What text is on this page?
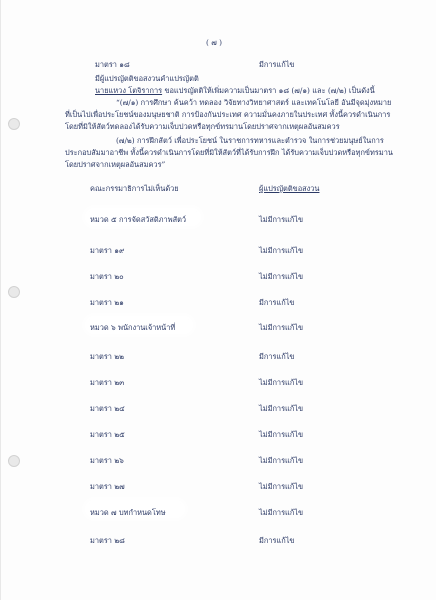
( ๗ )
มาตรา ๑๘	มีการแก้ไข
มีผู้แปรญัตติขอสงวนคำแปรญัตติ
นายแหวง โตจิราการ ขอแปรญัตติให้เพิ่มความเป็นมาตรา ๑๘ (๗/๑) และ (๗/๒) เป็นดังนี้
“(๗/๑) การศึกษา ค้นคว้า ทดลอง วิจัยทางวิทยาศาสตร์ และเทคโนโลยี อันมีจุดมุ่งหมาย
ที่เป็นไปเพื่อประโยชน์ของมนุษยชาติ การป้องกันประเทศ ความมั่นคงภายในประเทศ ทั้งนี้ควรดำเนินการ
โดยที่มิให้สัตว์ทดลองได้รับความเจ็บปวดหรือทุกข์ทรมานโดยปราศจากเหตุผลอันสมควร
(๗/๒) การฝึกสัตว์ เพื่อประโยชน์ ในราชการทหารและตำรวจ ในการช่วยมนุษย์ในการ
ประกอบสัมมาอาชีพ ทั้งนี้ควรดำเนินการโดยที่มิให้สัตว์ที่ได้รับการฝึก ได้รับความเจ็บปวดหรือทุกข์ทรมาน
โดยปราศจากเหตุผลอันสมควร”
คณะกรรมาธิการไม่เห็นด้วย	ผู้แปรญัตติขอสงวน
หมวด ๕ การจัดสวัสดิภาพสัตว์	ไม่มีการแก้ไข
มาตรา ๑๙	ไม่มีการแก้ไข
มาตรา ๒๐	ไม่มีการแก้ไข
มาตรา ๒๑	มีการแก้ไข
หมวด ๖ พนักงานเจ้าหน้าที่	ไม่มีการแก้ไข
มาตรา ๒๒	มีการแก้ไข
มาตรา ๒๓	ไม่มีการแก้ไข
มาตรา ๒๔	ไม่มีการแก้ไข
มาตรา ๒๕	ไม่มีการแก้ไข
มาตรา ๒๖	ไม่มีการแก้ไข
มาตรา ๒๗	ไม่มีการแก้ไข
หมวด ๗ บทกำหนดโทษ	ไม่มีการแก้ไข
มาตรา ๒๘	มีการแก้ไข
